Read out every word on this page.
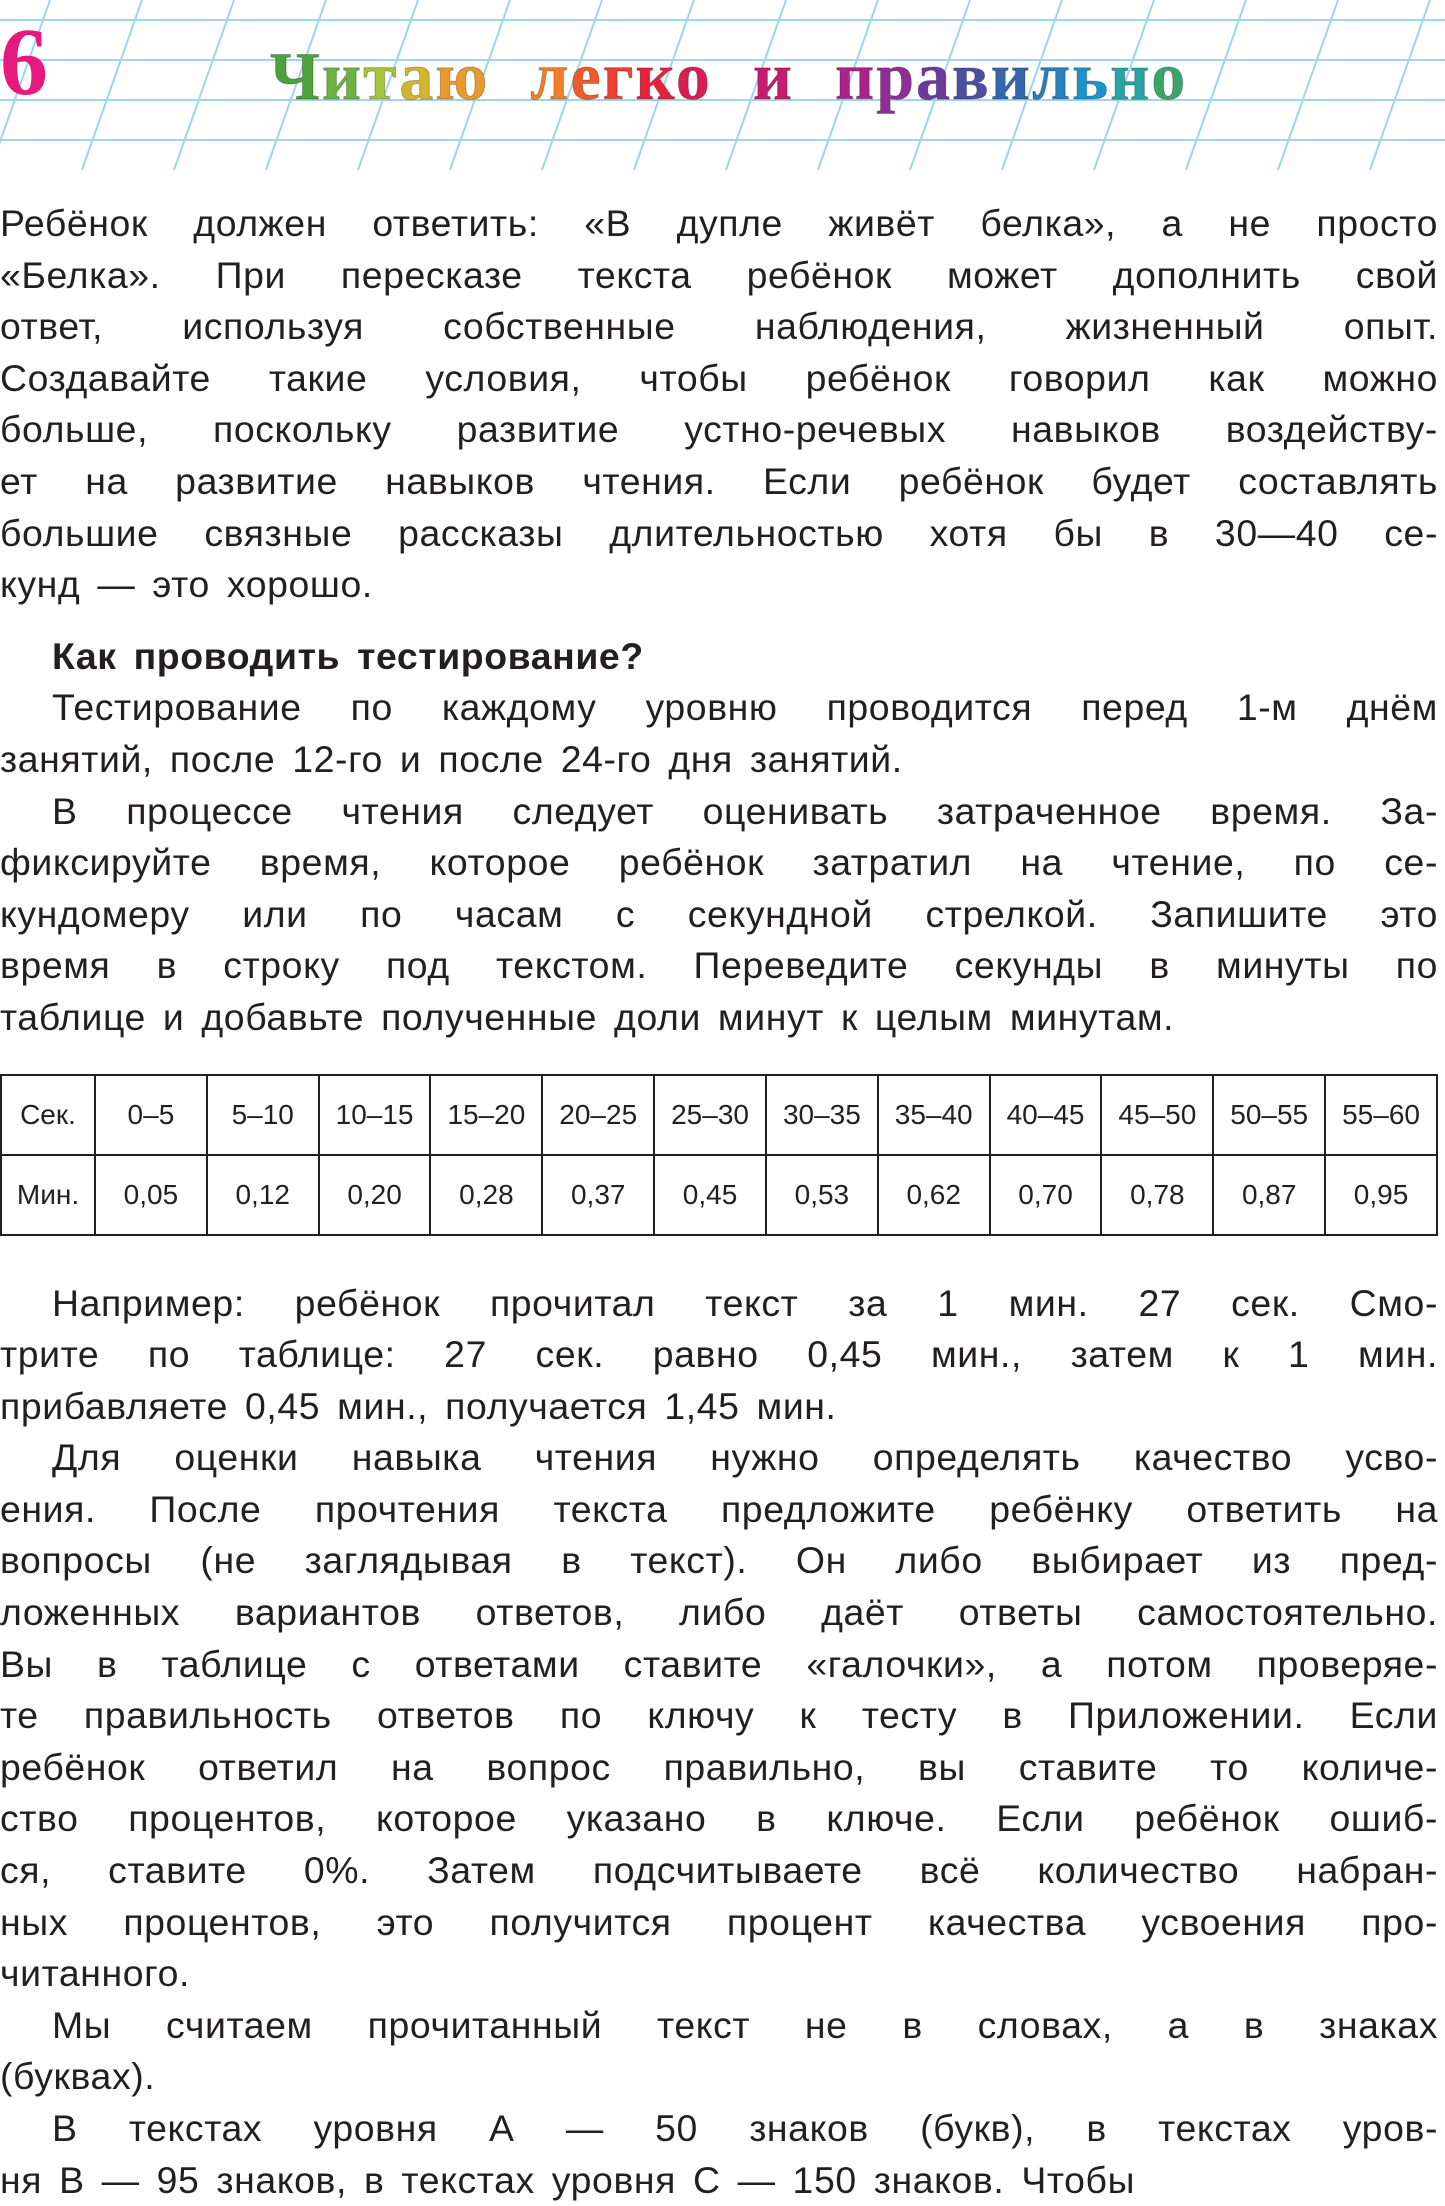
6	Читаю легко и правильно
Ребёнок должен ответить: «В дупле живёт белка», а не просто
«Белка». При пересказе текста ребёнок может дополнить свой
ответ, используя собственные наблюдения, жизненный опыт.
Создавайте такие условия, чтобы ребёнок говорил как можно
больше, поскольку развитие устно-речевых навыков воздейству-
ет на развитие навыков чтения. Если ребёнок будет составлять
большие связные рассказы длительностью хотя бы в 30—40 се-
кунд — это хорошо.
Как проводить тестирование?
Тестирование по каждому уровню проводится перед 1-м днём
занятий, после 12-го и после 24-го дня занятий.
В процессе чтения следует оценивать затраченное время. За-
фиксируйте время, которое ребёнок затратил на чтение, по се-
кундомеру или по часам с секундной стрелкой. Запишите это
время в строку под текстом. Переведите секунды в минуты по
таблице и добавьте полученные доли минут к целым минутам.
Сек.	0–5	5–10	10–15	15–20	20–25	25–30	30–35	35–40	40–45	45–50	50–55	55–60
Мин.	0,05	0,12	0,20	0,28	0,37	0,45	0,53	0,62	0,70	0,78	0,87	0,95
Например: ребёнок прочитал текст за 1 мин. 27 сек. Смо-
трите по таблице: 27 сек. равно 0,45 мин., затем к 1 мин.
прибавляете 0,45 мин., получается 1,45 мин.
Для оценки навыка чтения нужно определять качество усво-
ения. После прочтения текста предложите ребёнку ответить на
вопросы (не заглядывая в текст). Он либо выбирает из пред-
ложенных вариантов ответов, либо даёт ответы самостоятельно.
Вы в таблице с ответами ставите «галочки», а потом проверяе-
те правильность ответов по ключу к тесту в Приложении. Если
ребёнок ответил на вопрос правильно, вы ставите то количе-
ство процентов, которое указано в ключе. Если ребёнок ошиб-
ся, ставите 0%. Затем подсчитываете всё количество набран-
ных процентов, это получится процент качества усвоения про-
читанного.
Мы считаем прочитанный текст не в словах, а в знаках
(буквах).
В текстах уровня А — 50 знаков (букв), в текстах уров-
ня В — 95 знаков, в текстах уровня С — 150 знаков. Чтобы
